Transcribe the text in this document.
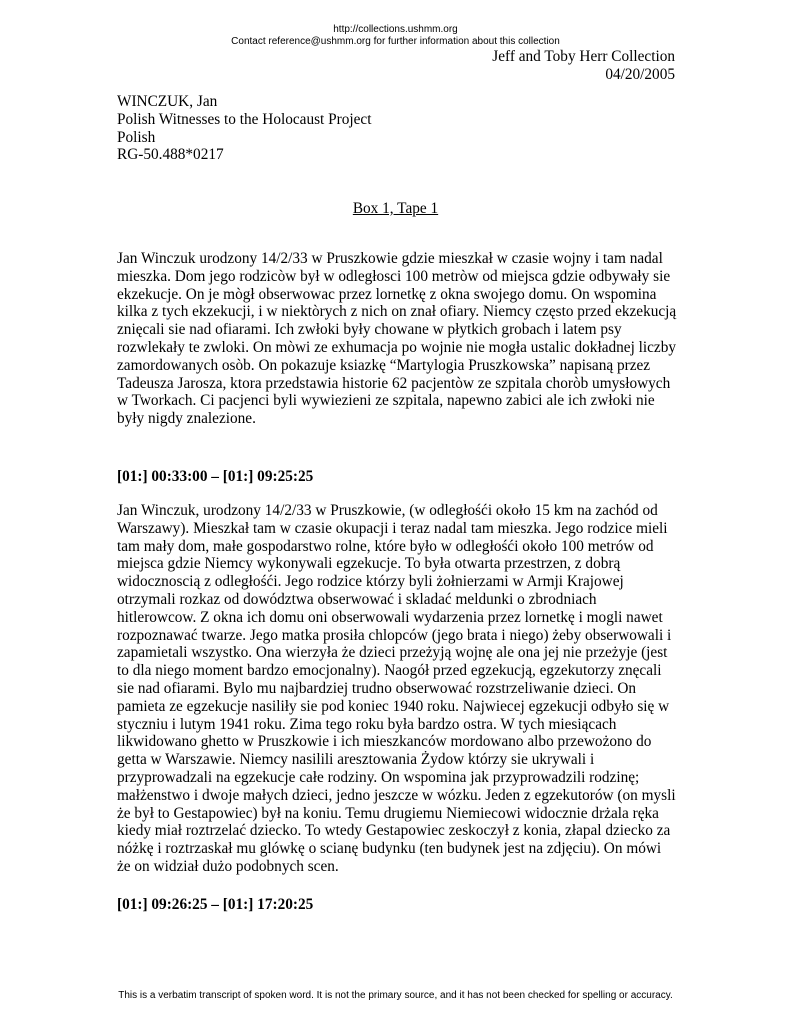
http://collections.ushmm.org
Contact reference@ushmm.org for further information about this collection
Jeff and Toby Herr Collection
04/20/2005
WINCZUK, Jan
Polish Witnesses to the Holocaust Project
Polish
RG-50.488*0217
Box 1, Tape 1

Jan Winczuk urodzony 14/2/33 w Pruszkowie gdzie mieszkał w czasie wojny i tam nadal mieszka. Dom jego rodzicòw był w odległosci 100 metròw od miejsca gdzie odbywały sie ekzekucje. On je mògł obserwowac przez lornetkę z okna swojego domu. On wspomina kilka z tych ekzekucji, i w niektòrych z nich on znał ofiary. Niemcy często przed ekzekucją znięcali sie nad ofiarami. Ich zwłoki były chowane w płytkich grobach i latem psy rozwlekały te zwloki. On mòwi ze exhumacja po wojnie nie mogła ustalic dokładnej liczby zamordowanych osòb. On pokazuje ksiazkę “Martylogia Pruszkowska” napisaną przez Tadeusza Jarosza, ktora przedstawia historie 62 pacjentòw ze szpitala choròb umysłowych w Tworkach. Ci pacjenci byli wywiezieni ze szpitala, napewno zabici ale ich zwłoki nie były nigdy znalezione.

[01:] 00:33:00 – [01:] 09:25:25

Jan Winczuk, urodzony 14/2/33 w Pruszkowie, (w odległośći około 15 km na zachód od Warszawy). Mieszkał tam w czasie okupacji i teraz nadal tam mieszka. Jego rodzice mieli tam mały dom, małe gospodarstwo rolne, które było w odległośći około 100 metrów od miejsca gdzie Niemcy wykonywali egzekucje. To była otwarta przestrzen, z dobrą widocznoscią z odległośći. Jego rodzice którzy byli żołnierzami w Armji Krajowej otrzymali rozkaz od dowództwa obserwować i skladać meldunki o zbrodniach hitlerowcow. Z okna ich domu oni obserwowali wydarzenia przez lornetkę i mogli nawet rozpoznawać twarze. Jego matka prosiła chlopców (jego brata i niego) żeby obserwowali i zapamietali wszystko. Ona wierzyła że dzieci przeżyją wojnę ale ona jej nie przeżyje (jest to dla niego moment bardzo emocjonalny). Naogół przed egzekucją, egzekutorzy znęcali sie nad ofiarami. Bylo mu najbardziej trudno obserwować rozstrzeliwanie dzieci. On pamieta ze egzekucje nasiliły sie pod koniec 1940 roku. Najwiecej egzekucji odbyło się w styczniu i lutym 1941 roku. Zima tego roku była bardzo ostra. W tych miesiącach likwidowano ghetto w Pruszkowie i ich mieszkanców mordowano albo przewożono do getta w Warszawie. Niemcy nasilili aresztowania Żydow którzy sie ukrywali i przyprowadzali na egzekucje całe rodziny. On wspomina jak przyprowadzili rodzinę; małżenstwo i dwoje małych dzieci, jedno jeszcze w wózku. Jeden z egzekutorów (on mysli że był to Gestapowiec) był na koniu. Temu drugiemu Niemiecowi widocznie drżala ręka kiedy miał roztrzelać dziecko. To wtedy Gestapowiec zeskoczył z konia, złapal dziecko za nóżkę i roztrzaskał mu glówkę o scianę budynku (ten budynek jest na zdjęciu). On mówi że on widział dużo podobnych scen.

[01:] 09:26:25 – [01:] 17:20:25
This is a verbatim transcript of spoken word. It is not the primary source, and it has not been checked for spelling or accuracy.
